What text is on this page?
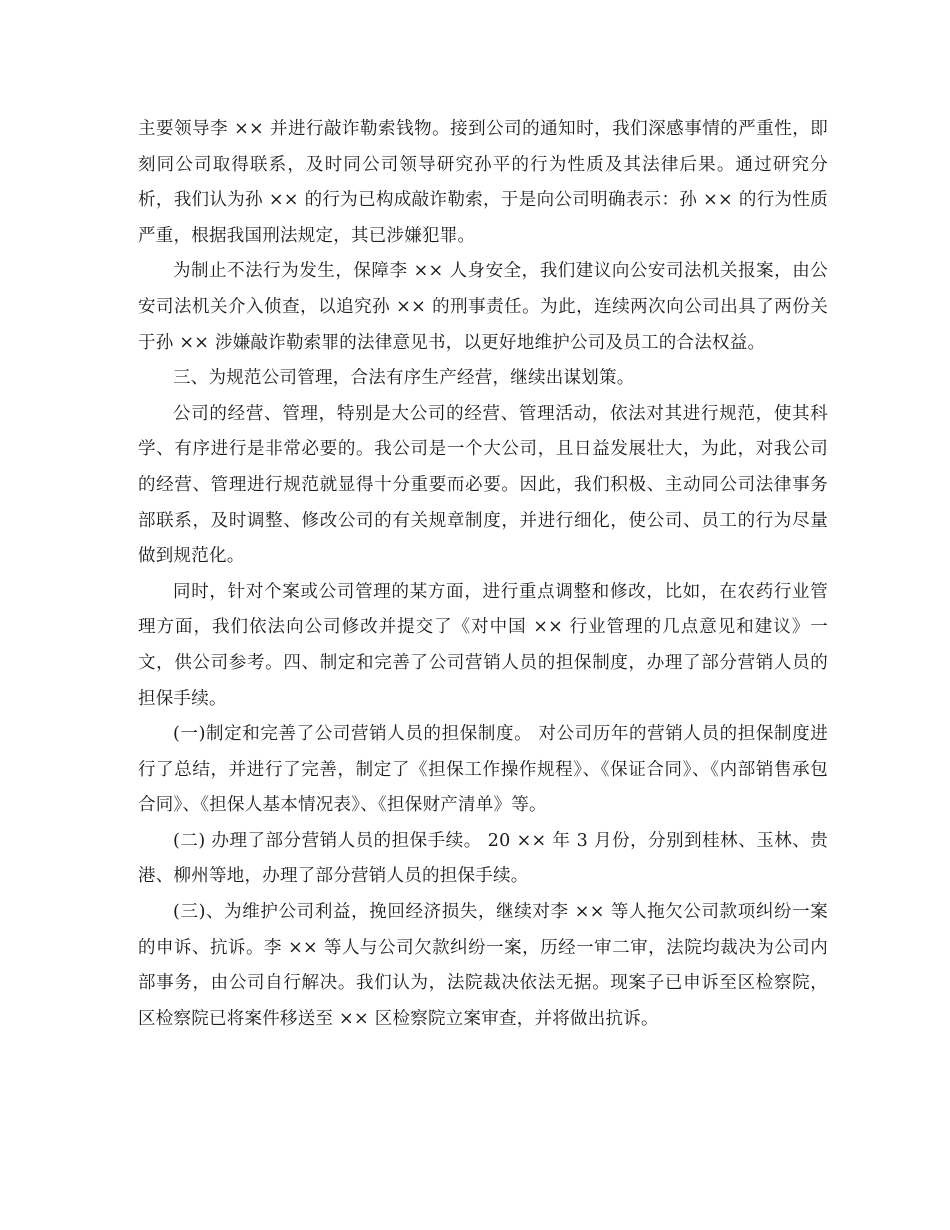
主要领导李 ×× 并进行敲诈勒索钱物。接到公司的通知时，我们深感事情的严重性，即刻同公司取得联系，及时同公司领导研究孙平的行为性质及其法律后果。通过研究分析，我们认为孙 ×× 的行为已构成敲诈勒索，于是向公司明确表示：孙 ×× 的行为性质严重，根据我国刑法规定，其已涉嫌犯罪。

为制止不法行为发生，保障李 ×× 人身安全，我们建议向公安司法机关报案，由公安司法机关介入侦查，以追究孙 ×× 的刑事责任。为此，连续两次向公司出具了两份关于孙 ×× 涉嫌敲诈勒索罪的法律意见书，以更好地维护公司及员工的合法权益。

三、为规范公司管理，合法有序生产经营，继续出谋划策。

公司的经营、管理，特别是大公司的经营、管理活动，依法对其进行规范，使其科学、有序进行是非常必要的。我公司是一个大公司，且日益发展壮大，为此，对我公司的经营、管理进行规范就显得十分重要而必要。因此，我们积极、主动同公司法律事务部联系，及时调整、修改公司的有关规章制度，并进行细化，使公司、员工的行为尽量做到规范化。

同时，针对个案或公司管理的某方面，进行重点调整和修改，比如，在农药行业管理方面，我们依法向公司修改并提交了《对中国 ×× 行业管理的几点意见和建议》一文，供公司参考。四、制定和完善了公司营销人员的担保制度，办理了部分营销人员的担保手续。

(一)制定和完善了公司营销人员的担保制度。 对公司历年的营销人员的担保制度进行了总结，并进行了完善，制定了《担保工作操作规程》、《保证合同》、《内部销售承包合同》、《担保人基本情况表》、《担保财产清单》等。

(二) 办理了部分营销人员的担保手续。 20 ×× 年 3 月份，分别到桂林、玉林、贵港、柳州等地，办理了部分营销人员的担保手续。

(三)、为维护公司利益，挽回经济损失，继续对李 ×× 等人拖欠公司款项纠纷一案的申诉、抗诉。李 ×× 等人与公司欠款纠纷一案，历经一审二审，法院均裁决为公司内部事务，由公司自行解决。我们认为，法院裁决依法无据。现案子已申诉至区检察院，区检察院已将案件移送至 ×× 区检察院立案审查，并将做出抗诉。
